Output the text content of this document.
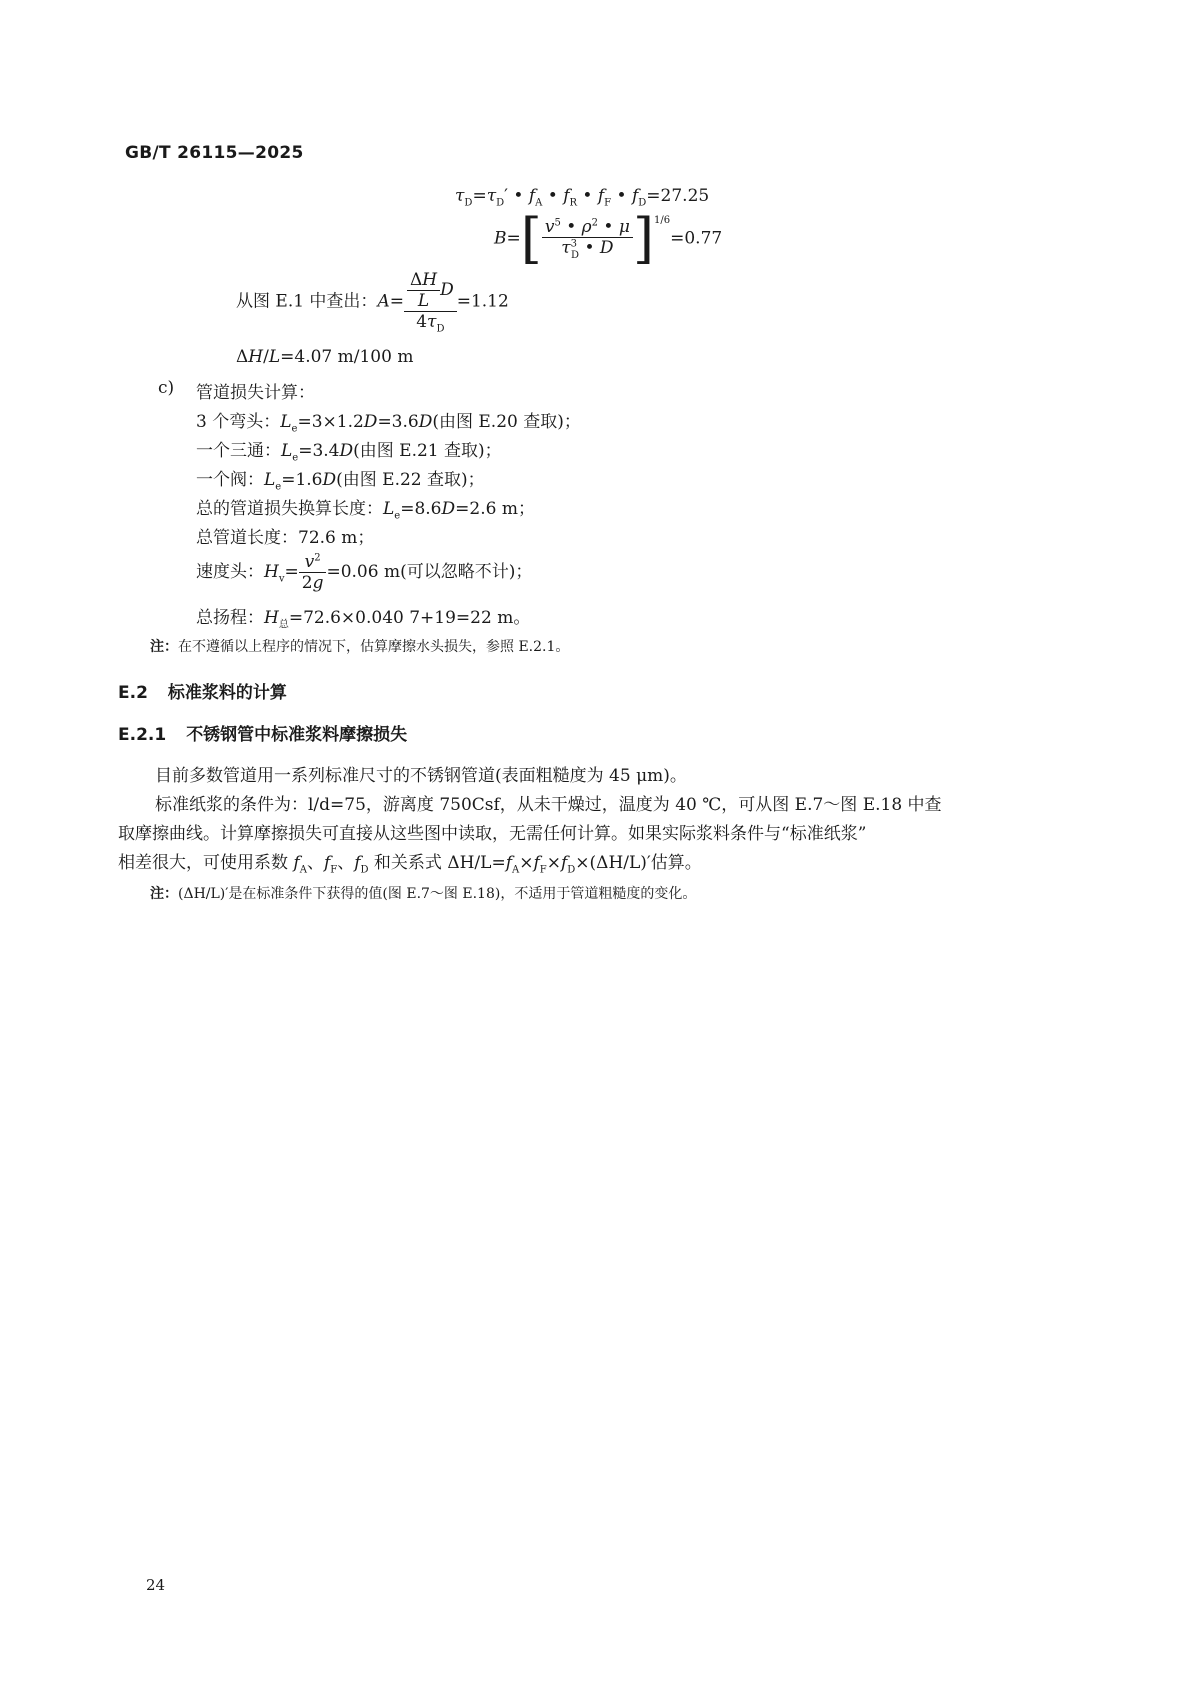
GB/T 26115—2025
$\tau_D=\tau_D'$ • $f_A$ • $f_R$ • $f_F$ • $f_D=27.25$
$B=[ \frac{v^5 • \rho^2 • \mu}{\tau^3_D • D} ]^{1/6}=0.77$
从图 E.1 中查出：$A= \frac{\frac{\Delta H}{L} D}{4\tau_D} =1.12$
ΔH/L=4.07 m/100 m
c) 管道损失计算：
3 个弯头：$L_e=3\times 1.2D=3.6D$(由图 E.20 查取)；
一个三通：$L_e=3.4D$(由图 E.21 查取)；
一个阀：$L_e=1.6D$(由图 E.22 查取)；
总的管道损失换算长度：$L_e=8.6D=2.6$ m；
总管道长度：72.6 m；
速度头：$H_v= \frac{v^2}{2g} =0.06$ m(可以忽略不计)；
总扬程：$H_总=72.6\times 0.040$ 7+19=22 m。
注：在不遵循以上程序的情况下，估算摩擦水头损失，参照 E.2.1。
E.2 标准浆料的计算
E.2.1 不锈钢管中标准浆料摩擦损失
目前多数管道用一系列标准尺寸的不锈钢管道(表面粗糙度为 45 μm)。
标准纸浆的条件为：l/d=75，游离度 750Csf，从未干燥过，温度为 40 ℃，可从图 E.7～图 E.18 中查
取摩擦曲线。计算摩擦损失可直接从这些图中读取，无需任何计算。如果实际浆料条件与“标准纸浆”
相差很大，可使用系数 $f_A$、$f_F$、$f_D$ 和关系式 $\Delta H/L=f_A\times f_F\times f_D\times(\Delta H/L)'$估算。
注：(ΔH/L)′是在标准条件下获得的值(图 E.7～图 E.18)，不适用于管道粗糙度的变化。
24
